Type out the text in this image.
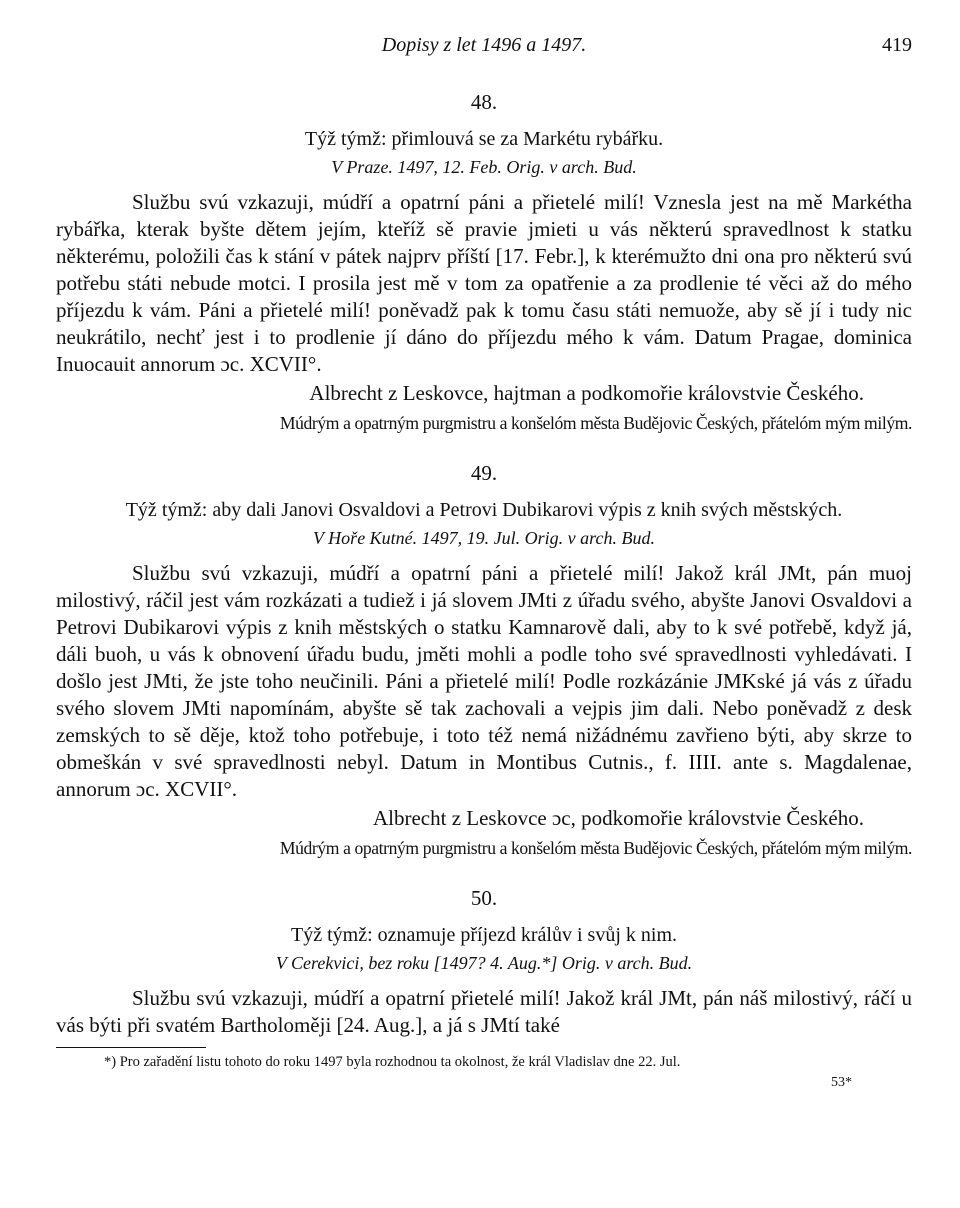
Dopisy z let 1496 a 1497.	419
48.
Týž týmž: přimlouvá se za Markétu rybářku.
V Praze. 1497, 12. Feb. Orig. v arch. Bud.
Službu svú vzkazuji, múdří a opatrní páni a přietelé milí! Vznesla jest na mě Markétha rybářka, kterak byšte dětem jejím, kteříž sě pravie jmieti u vás některú spravedlnost k statku některému, položili čas k stání v pátek najprv příští [17. Febr.], k kterémužto dni ona pro některú svú potřebu státi nebude motci. I prosila jest mě v tom za opatřenie a za prodlenie té věci až do mého příjezdu k vám. Páni a přietelé milí! poněvadž pak k tomu času státi nemuože, aby sě jí i tudy nic neukrátilo, nechť jest i to prodlenie jí dáno do příjezdu mého k vám. Datum Pragae, dominica Inuocauit annorum ɔc. XCVII°.
Albrecht z Leskovce, hajtman a podkomořie královstvie Českého.
Múdrým a opatrným purgmistru a konšelóm města Budějovic Českých, přátelóm mým milým.
49.
Týž týmž: aby dali Janovi Osvaldovi a Petrovi Dubikarovi výpis z knih svých městských.
V Hoře Kutné. 1497, 19. Jul. Orig. v arch. Bud.
Službu svú vzkazuji, múdří a opatrní páni a přietelé milí! Jakož král JMt, pán muoj milostivý, ráčil jest vám rozkázati a tudiež i já slovem JMti z úřadu svého, abyšte Janovi Osvaldovi a Petrovi Dubikarovi výpis z knih městských o statku Kamnarově dali, aby to k své potřebě, když já, dáli buoh, u vás k obnovení úřadu budu, jměti mohli a podle toho své spravedlnosti vyhledávati. I došlo jest JMti, že jste toho neučinili. Páni a přietelé milí! Podle rozkázánie JMKské já vás z úřadu svého slovem JMti napomínám, abyšte sě tak zachovali a vejpis jim dali. Nebo poněvadž z desk zemských to sě děje, ktož toho potřebuje, i toto též nemá nižádnému zavřieno býti, aby skrze to obmeškán v své spravedlnosti nebyl. Datum in Montibus Cutnis., f. IIII. ante s. Magdalenae, annorum ɔc. XCVII°.
Albrecht z Leskovce ɔc, podkomořie královstvie Českého.
Múdrým a opatrným purgmistru a konšelóm města Budějovic Českých, přátelóm mým milým.
50.
Týž týmž: oznamuje příjezd králův i svůj k nim.
V Cerekvici, bez roku [1497? 4. Aug.*] Orig. v arch. Bud.
Službu svú vzkazuji, múdří a opatrní přietelé milí! Jakož král JMt, pán náš milostivý, ráčí u vás býti při svatém Bartholoměji [24. Aug.], a já s JMtí také
*) Pro zařadění listu tohoto do roku 1497 byla rozhodnou ta okolnost, že král Vladislav dne 22. Jul.
53*
